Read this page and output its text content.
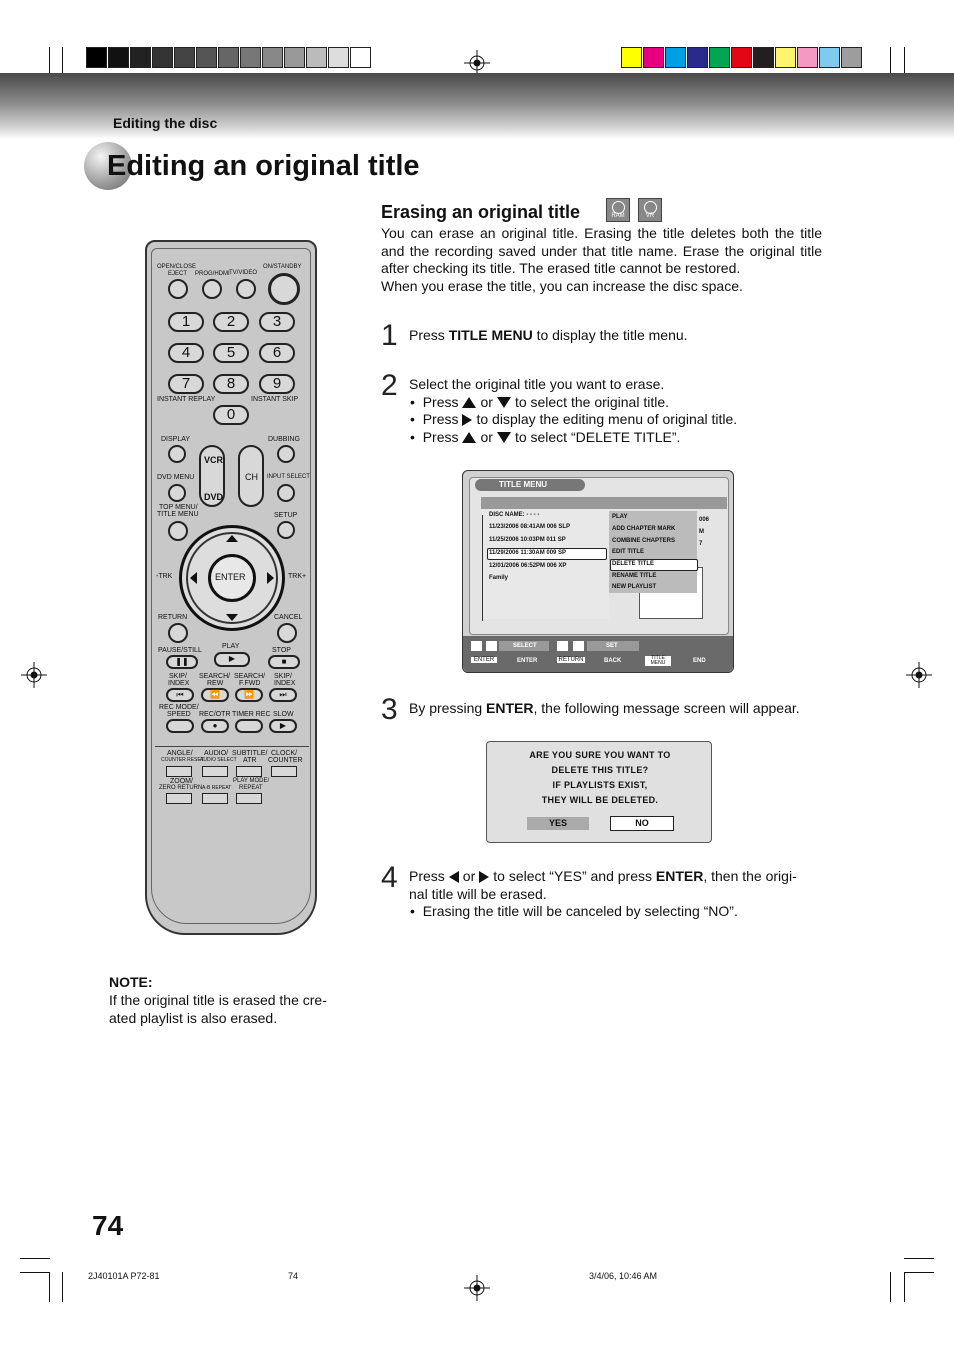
Editing the disc
Editing an original title
Erasing an original title	RAM	VR
You can erase an original title. Erasing the title deletes both the title and the recording saved under that title name. Erase the original title after checking its title. The erased title cannot be restored.
When you erase the title, you can increase the disc space.
1 Press TITLE MENU to display the title menu.
2 Select the original title you want to erase.
•  Press or to select the original title.
•  Press to display the editing menu of original title.
•  Press or to select “DELETE TITLE”.
TITLE MENU
DISC NAME: - - - -
11/23/2006 08:41AM 006 SLP
11/25/2006 10:03PM 011 SP
11/29/2006 11:30AM 009 SP
12/01/2006 06:52PM 006 XP
Family
PLAY
ADD CHAPTER MARK
COMBINE CHAPTERS
EDIT TITLE
DELETE TITLE
RENAME TITLE
NEW PLAYLIST
006
M
7
SELECT	SET
ENTER	ENTER	RETURN	BACK	TITLE MENU	END
3 By pressing ENTER, the following message screen will appear.
ARE YOU SURE YOU WANT TO
DELETE THIS TITLE?
IF PLAYLISTS EXIST,
THEY WILL BE DELETED.
YES	NO
4 Press or to select “YES” and press ENTER, then the origi-
nal title will be erased.
•  Erasing the title will be canceled by selecting “NO”.
OPEN/CLOSE
EJECT PROG/HDMI TV/VIDEO
ON/STANDBY
1	2	3
4	5	6
7	8	9
INSTANT REPLAY	INSTANT SKIP
0
DISPLAY	DUBBING
VCR
DVD
CH
DVD MENU	INPUT SELECT
TOP MENU/
TITLE MENU	SETUP
ENTER
-TRK	TRK+
RETURN	CANCEL
PAUSE/STILL
PLAY
STOP
❚❚	▶	■
SKIP/
INDEX
SEARCH/
REW
SEARCH/
F.FWD
SKIP/
INDEX
⏮	⏪	⏩	⏭
REC MODE/
SPEED REC/OTR TIMER REC SLOW
●	▶
ANGLE/
COUNTER RESET
AUDIO/
AUDIO SELECT
SUBTITLE/
ATR
CLOCK/
COUNTER
ZOOM/
ZERO RETURN A-B REPEAT
PLAY MODE/
REPEAT
NOTE:
If the original title is erased the cre-
ated playlist is also erased.
74
2J40101A P72-81	74	3/4/06, 10:46 AM
